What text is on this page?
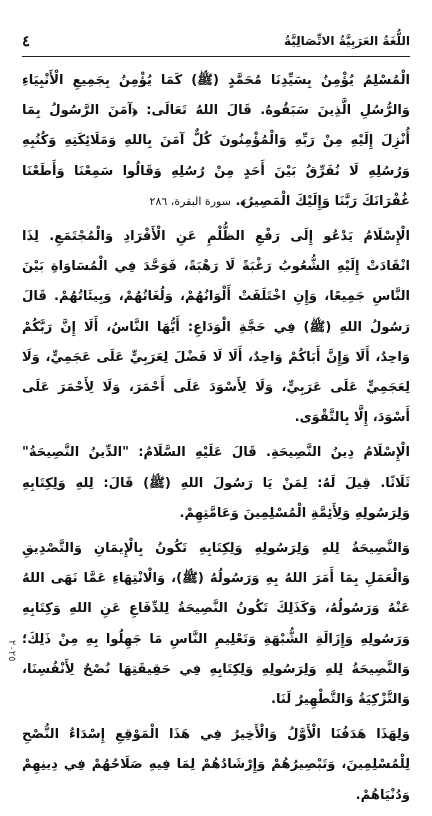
٤	اللُّغَةُ العَرَبِيَّةُ الاتِّصَالِيَّةُ

الْمُسْلِمُ يُؤْمِنُ بِسَيِّدِنَا مُحَمَّدٍ (ﷺ) كَمَا يُؤْمِنُ بِجَمِيعِ الْأَنْبِيَاءِ وَالرُّسُلِ الَّذِينَ سَبَقُوهُ. قَالَ اللهُ تَعَالَى: ﴿آمَنَ الرَّسُولُ بِمَا أُنْزِلَ إِلَيْهِ مِنْ رَبِّهِ وَالْمُؤْمِنُونَ كُلٌّ آمَنَ بِاللهِ وَمَلَائِكَتِهِ وَكُتُبِهِ وَرُسُلِهِ لَا نُفَرِّقُ بَيْنَ أَحَدٍ مِنْ رُسُلِهِ وَقَالُوا سَمِعْنَا وَأَطَعْنَا غُفْرَانَكَ رَبَّنَا وَإِلَيْكَ الْمَصِيرُ﴾. سورة البقرة، ٢٨٦

الْإِسْلَامُ يَدْعُو إِلَى رَفْعِ الظُّلْمِ عَنِ الْأَفْرَادِ وَالْمُجْتَمَعِ. لِذَا انْقَادَتْ إِلَيْهِ الشُّعُوبُ رَغْبَةً لَا رَهْبَةً، فَوَحَّدَ فِي الْمُسَاوَاةِ بَيْنَ النَّاسِ جَمِيعًا، وَإِنِ اخْتَلَفَتْ أَلْوَانُهُمْ، وَلُغَاتُهُمْ، وَبِيئَاتُهُمْ. قَالَ رَسُولُ اللهِ (ﷺ) فِي حَجَّةِ الْوَدَاعِ: أَيُّهَا النَّاسُ، أَلَا إِنَّ رَبَّكُمْ وَاحِدٌ، أَلَا وَإِنَّ أَبَاكُمْ وَاحِدٌ، أَلَا لَا فَضْلَ لِعَرَبِيٍّ عَلَى عَجَمِيٍّ، وَلَا لِعَجَمِيٍّ عَلَى عَرَبِيٍّ، وَلَا لِأَسْوَدَ عَلَى أَحْمَرَ، وَلَا لِأَحْمَرَ عَلَى أَسْوَدَ، إِلَّا بِالتَّقْوَى.

الْإِسْلَامُ دِينُ النَّصِيحَةِ. قَالَ عَلَيْهِ السَّلَامُ: "الدِّينُ النَّصِيحَةُ" ثَلَاثًا. قِيلَ لَهُ: لِمَنْ يَا رَسُولَ اللهِ (ﷺ) قَالَ: لِلهِ وَلِكِتَابِهِ وَلِرَسُولِهِ وَلِأَئِمَّةِ الْمُسْلِمِينَ وَعَامَّتِهِمْ.

وَالنَّصِيحَةُ لِلهِ وَلِرَسُولِهِ وَلِكِتَابِهِ تَكُونُ بِالْإِيمَانِ وَالتَّصْدِيقِ وَالْعَمَلِ بِمَا أَمَرَ اللهُ بِهِ وَرَسُولُهُ (ﷺ)، وَالْانْتِهَاءِ عَمَّا نَهَى اللهُ عَنْهُ وَرَسُولُهُ، وَكَذَلِكَ تَكُونُ النَّصِيحَةُ لِلدِّفَاعِ عَنِ اللهِ وَكِتَابِهِ وَرَسُولِهِ وَإِزَالَةِ الشُّبْهَةِ وَتَعْلِيمِ النَّاسِ مَا جَهِلُوا بِهِ مِنْ ذَلِكَ؛ وَالنَّصِيحَةُ لِلهِ وَلِرَسُولِهِ وَلِكِتَابِهِ فِي حَقِيقَتِهَا نُصْحٌ لِأَنْفُسِنَا، وَالتَّزْكِيَةُ وَالتَّطْهِيرُ لَنَا.

وَلِهَذَا هَدَفُنَا الْأَوَّلُ وَالْأَخِيرُ فِي هَذَا الْمَوْقِعِ إِسْدَاءُ النُّصْحِ لِلْمُسْلِمِينَ، وَتَبْصِيرُهُمْ وَإِرْشَادُهُمْ لِمَا فِيهِ صَلَاحُهُمْ فِي دِينِهِمْ وَدُنْيَاهُمْ.

٢٠٢٥
